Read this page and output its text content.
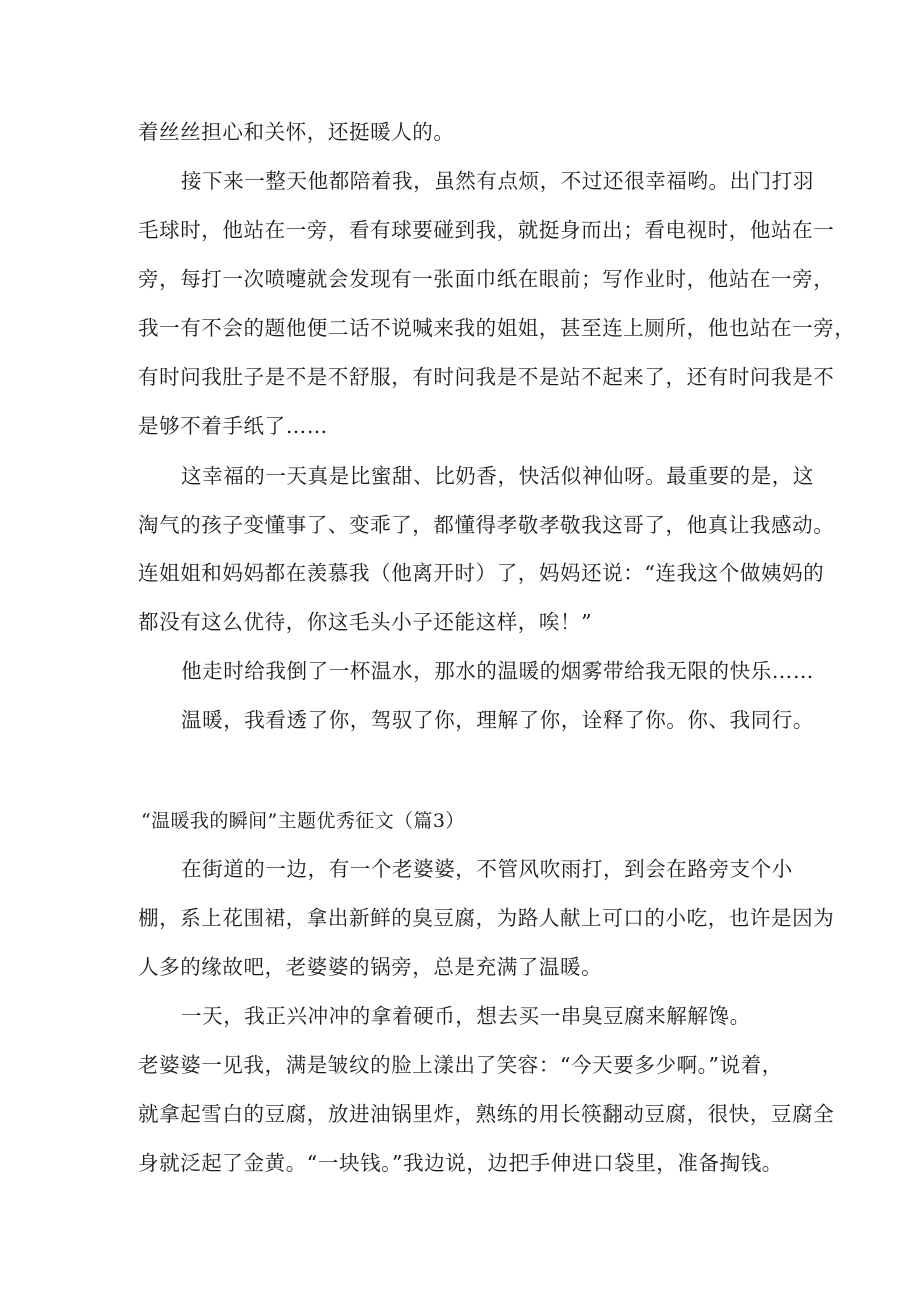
着丝丝担心和关怀，还挺暖人的。
接下来一整天他都陪着我，虽然有点烦，不过还很幸福哟。出门打羽
毛球时，他站在一旁，看有球要碰到我，就挺身而出；看电视时，他站在一
旁，每打一次喷嚏就会发现有一张面巾纸在眼前；写作业时，他站在一旁，
我一有不会的题他便二话不说喊来我的姐姐，甚至连上厕所，他也站在一旁，
有时问我肚子是不是不舒服，有时问我是不是站不起来了，还有时问我是不
是够不着手纸了……
这幸福的一天真是比蜜甜、比奶香，快活似神仙呀。最重要的是，这
淘气的孩子变懂事了、变乖了，都懂得孝敬孝敬我这哥了，他真让我感动。
连姐姐和妈妈都在羡慕我（他离开时）了，妈妈还说：“连我这个做姨妈的
都没有这么优待，你这毛头小子还能这样，唉！”
他走时给我倒了一杯温水，那水的温暖的烟雾带给我无限的快乐……
温暖，我看透了你，驾驭了你，理解了你，诠释了你。你、我同行。
“温暖我的瞬间”主题优秀征文（篇3）
在街道的一边，有一个老婆婆，不管风吹雨打，到会在路旁支个小
棚，系上花围裙，拿出新鲜的臭豆腐，为路人献上可口的小吃，也许是因为
人多的缘故吧，老婆婆的锅旁，总是充满了温暖。
一天，我正兴冲冲的拿着硬币，想去买一串臭豆腐来解解馋。
老婆婆一见我，满是皱纹的脸上漾出了笑容：“今天要多少啊。”说着，
就拿起雪白的豆腐，放进油锅里炸，熟练的用长筷翻动豆腐，很快，豆腐全
身就泛起了金黄。“一块钱。”我边说，边把手伸进口袋里，准备掏钱。
